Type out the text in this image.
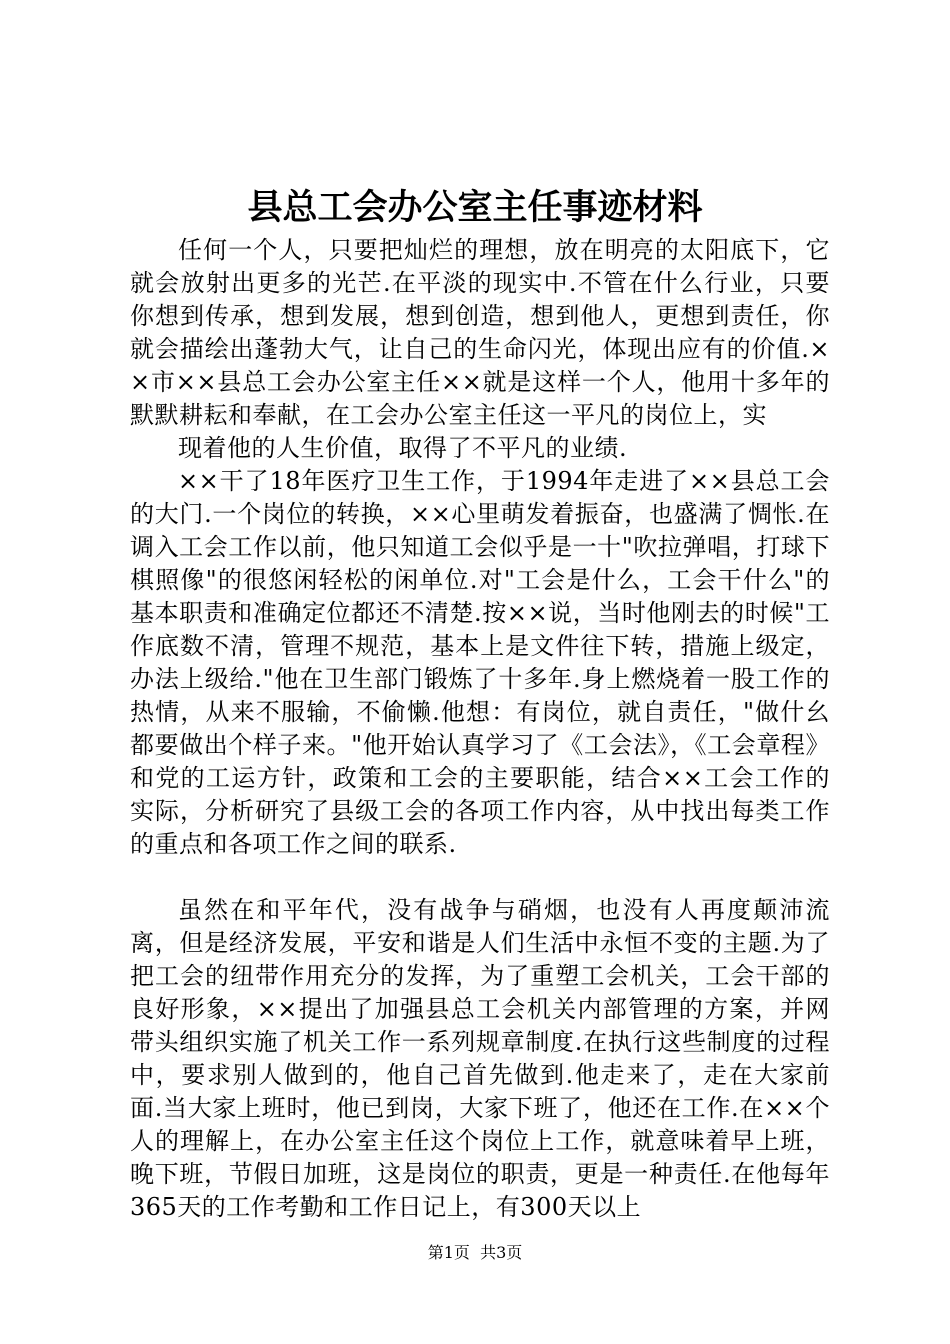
县总工会办公室主任事迹材料

任何一个人，只要把灿烂的理想，放在明亮的太阳底下，它就会放射出更多的光芒.在平淡的现实中.不管在什么行业，只要你想到传承，想到发展，想到创造，想到他人，更想到责任，你就会描绘出蓬勃大气，让自己的生命闪光，体现出应有的价值.××市××县总工会办公室主任××就是这样一个人，他用十多年的默默耕耘和奉献，在工会办公室主任这一平凡的岗位上，实

现着他的人生价值，取得了不平凡的业绩.

××干了18年医疗卫生工作，于1994年走进了××县总工会的大门.一个岗位的转换，××心里萌发着振奋，也盛满了惆怅.在调入工会工作以前，他只知道工会似乎是一十"吹拉弹唱，打球下棋照像"的很悠闲轻松的闲单位.对"工会是什么，工会干什么"的基本职责和准确定位都还不清楚.按××说，当时他刚去的时候"工作底数不清，管理不规范，基本上是文件往下转，措施上级定，办法上级给."他在卫生部门锻炼了十多年.身上燃烧着一股工作的热情，从来不服输，不偷懒.他想：有岗位，就自责任，"做什幺都要做出个样子来。"他开始认真学习了《工会法》，《工会章程》和党的工运方针，政策和工会的主要职能，结合××工会工作的实际，分析研究了县级工会的各项工作内容，从中找出每类工作的重点和各项工作之间的联系.

虽然在和平年代，没有战争与硝烟，也没有人再度颠沛流离，但是经济发展，平安和谐是人们生活中永恒不变的主题.为了把工会的纽带作用充分的发挥，为了重塑工会机关，工会干部的良好形象，××提出了加强县总工会机关内部管理的方案，并网带头组织实施了机关工作一系列规章制度.在执行这些制度的过程中，要求别人做到的，他自己首先做到.他走来了，走在大家前面.当大家上班时，他已到岗，大家下班了，他还在工作.在××个人的理解上，在办公室主任这个岗位上工作，就意味着早上班，晚下班，节假日加班，这是岗位的职责，更是一种责任.在他每年365天的工作考勤和工作日记上，有300天以上

第1页 共3页
